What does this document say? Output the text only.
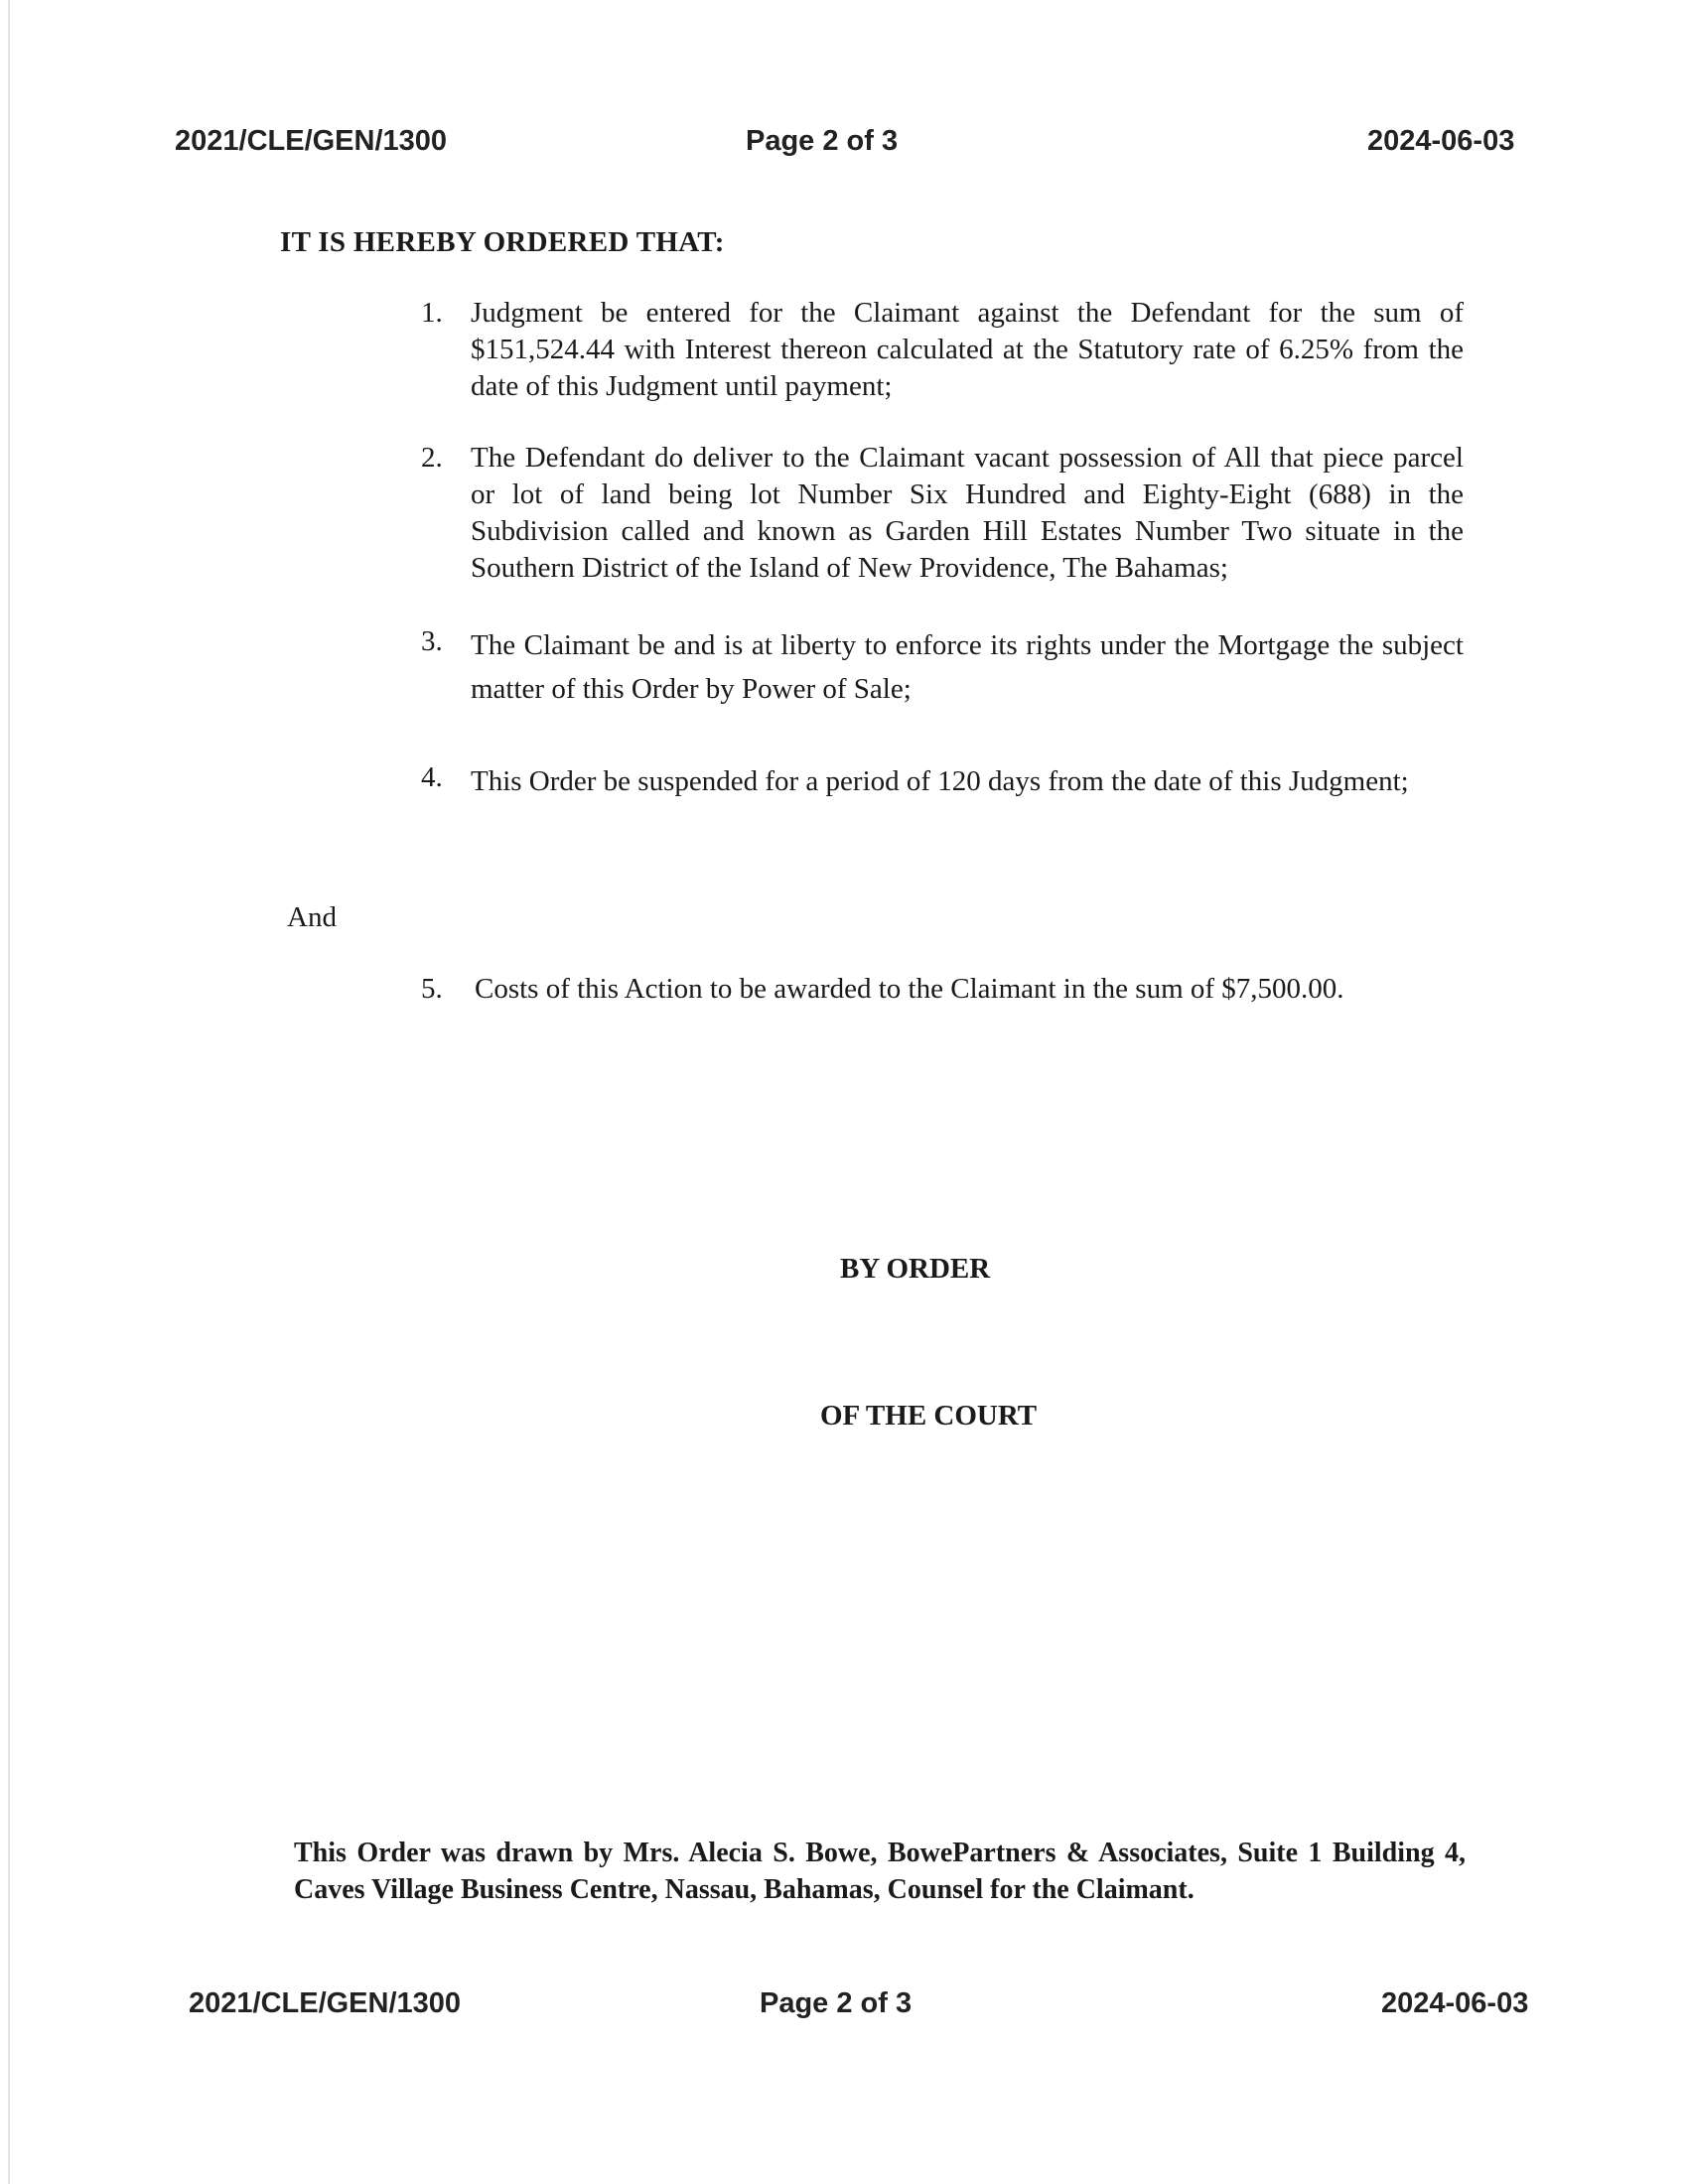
2021/CLE/GEN/1300	Page 2 of 3	2024-06-03
IT IS HEREBY ORDERED THAT:
1. Judgment be entered for the Claimant against the Defendant for the sum of $151,524.44 with Interest thereon calculated at the Statutory rate of 6.25% from the date of this Judgment until payment;
2. The Defendant do deliver to the Claimant vacant possession of All that piece parcel or lot of land being lot Number Six Hundred and Eighty-Eight (688) in the Subdivision called and known as Garden Hill Estates Number Two situate in the Southern District of the Island of New Providence, The Bahamas;
3. The Claimant be and is at liberty to enforce its rights under the Mortgage the subject matter of this Order by Power of Sale;
4. This Order be suspended for a period of 120 days from the date of this Judgment;
And
5. Costs of this Action to be awarded to the Claimant in the sum of $7,500.00.
BY ORDER
OF THE COURT
This Order was drawn by Mrs. Alecia S. Bowe, BowePartners & Associates, Suite 1 Building 4, Caves Village Business Centre, Nassau, Bahamas, Counsel for the Claimant.
2021/CLE/GEN/1300	Page 2 of 3	2024-06-03
